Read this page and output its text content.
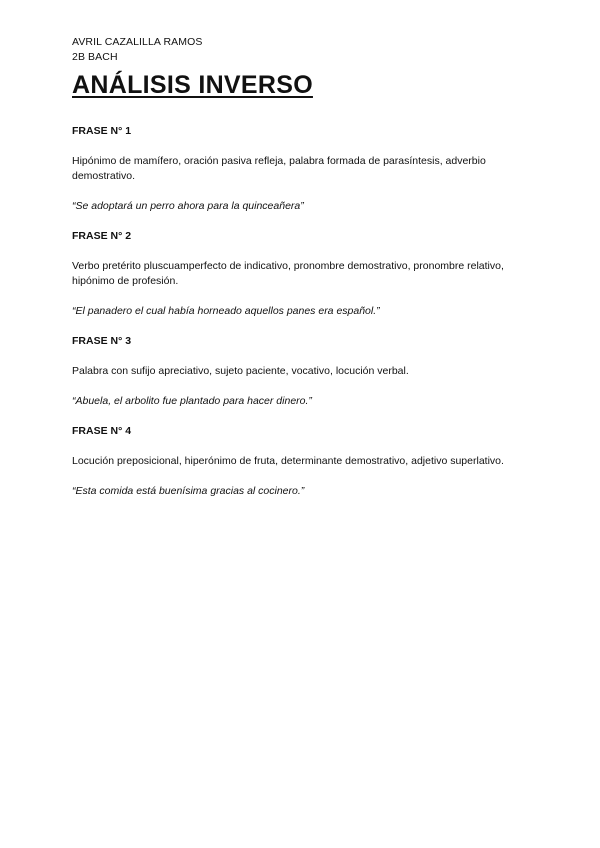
AVRIL CAZALILLA RAMOS
2B BACH
ANÁLISIS INVERSO

FRASE N° 1

Hipónimo de mamífero, oración pasiva refleja, palabra formada de parasíntesis, adverbio demostrativo.

“Se adoptará un perro ahora para la quinceañera”

FRASE N° 2

Verbo pretérito pluscuamperfecto de indicativo, pronombre demostrativo, pronombre relativo, hipónimo de profesión.

“El panadero el cual había horneado aquellos panes era español.”

FRASE N° 3

Palabra con sufijo apreciativo, sujeto paciente, vocativo, locución verbal.

“Abuela, el arbolito fue plantado para hacer dinero.”

FRASE N° 4

Locución preposicional, hiperónimo de fruta, determinante demostrativo, adjetivo superlativo.

“Esta comida está buenísima gracias al cocinero.”
